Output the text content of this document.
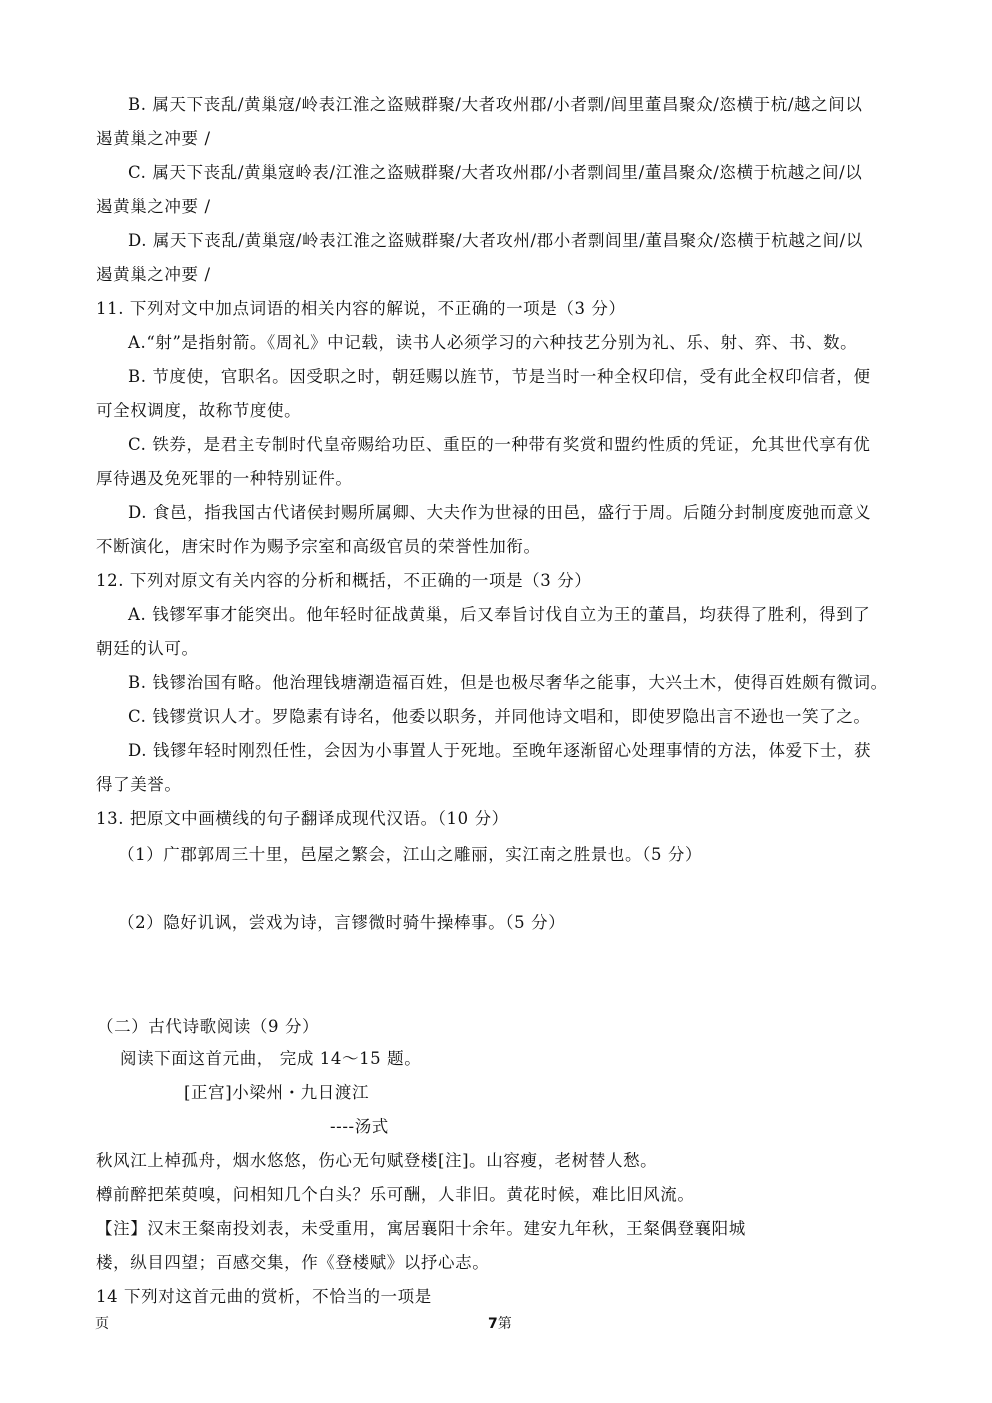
B. 属天下丧乱/黄巢寇/岭表江淮之盗贼群聚/大者攻州郡/小者剽/闾里董昌聚众/恣横于杭/越之间以
遏黄巢之冲要 /
C. 属天下丧乱/黄巢寇岭表/江淮之盗贼群聚/大者攻州郡/小者剽闾里/董昌聚众/恣横于杭越之间/以
遏黄巢之冲要 /
D. 属天下丧乱/黄巢寇/岭表江淮之盗贼群聚/大者攻州/郡小者剽闾里/董昌聚众/恣横于杭越之间/以
遏黄巢之冲要 /
11. 下列对文中加点词语的相关内容的解说，不正确的一项是（3 分）
A.“射”是指射箭。《周礼》中记载，读书人必须学习的六种技艺分别为礼、乐、射、弈、书、数。
B. 节度使，官职名。因受职之时，朝廷赐以旌节，节是当时一种全权印信，受有此全权印信者，便
可全权调度，故称节度使。
C. 铁券，是君主专制时代皇帝赐给功臣、重臣的一种带有奖赏和盟约性质的凭证，允其世代享有优
厚待遇及免死罪的一种特别证件。
D. 食邑，指我国古代诸侯封赐所属卿、大夫作为世禄的田邑，盛行于周。后随分封制度废弛而意义
不断演化，唐宋时作为赐予宗室和高级官员的荣誉性加衔。
12. 下列对原文有关内容的分析和概括，不正确的一项是（3 分）
A. 钱镠军事才能突出。他年轻时征战黄巢，后又奉旨讨伐自立为王的董昌，均获得了胜利，得到了
朝廷的认可。
B. 钱镠治国有略。他治理钱塘潮造福百姓，但是也极尽奢华之能事，大兴土木，使得百姓颇有微词。
C. 钱镠赏识人才。罗隐素有诗名，他委以职务，并同他诗文唱和，即使罗隐出言不逊也一笑了之。
D. 钱镠年轻时刚烈任性，会因为小事置人于死地。至晚年逐渐留心处理事情的方法，体爱下士，获
得了美誉。
13. 把原文中画横线的句子翻译成现代汉语。（10 分）
（1）广郡郭周三十里，邑屋之繁会，江山之雕丽，实江南之胜景也。（5 分）
（2）隐好讥讽，尝戏为诗，言镠微时骑牛操棒事。（5 分）
（二）古代诗歌阅读（9 分）
阅读下面这首元曲， 完成 14～15 题。
[正宫]小梁州・九日渡江
----汤式
秋风江上棹孤舟，烟水悠悠，伤心无句赋登楼[注]。山容瘦，老树替人愁。
樽前醉把茱萸嗅，问相知几个白头？乐可酬，人非旧。黄花时候，难比旧风流。
【注】汉末王粲南投刘表，未受重用，寓居襄阳十余年。建安九年秋，王粲偶登襄阳城
楼，纵目四望；百感交集，作《登楼赋》以抒心志。
14 下列对这首元曲的赏析，不恰当的一项是
页	7第
